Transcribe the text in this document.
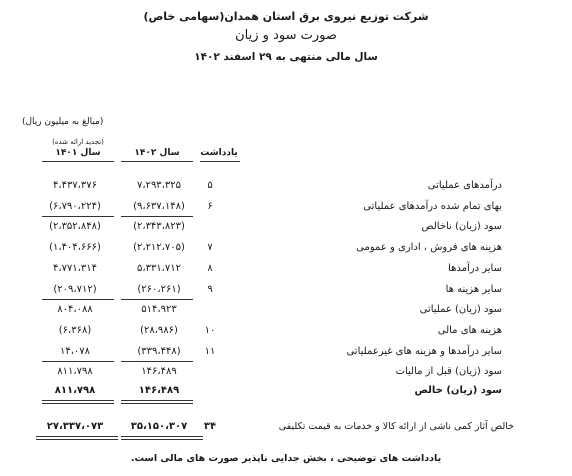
شرکت توزیع نیروی برق استان همدان(سهامی خاص)
صورت سود و زیان
سال مالی منتهی به ۲۹ اسفند ۱۴۰۲
(مبالغ به میلیون ریال)
(تجدید ارائه شده)
سال ۱۴۰۱	سال ۱۴۰۲	یادداشت
۴،۴۳۷،۳۷۶	۷،۲۹۳،۳۲۵	۵	درآمدهای عملیاتی
(۶،۷۹۰،۲۲۴)	(۹،۶۳۷،۱۴۸)	۶	بهای تمام شده درآمدهای عملیاتی
(۲،۳۵۲،۸۴۸)	(۲،۳۴۳،۸۲۳)	سود (زیان) ناخالص
(۱،۴۰۴،۶۶۶)	(۲،۲۱۲،۷۰۵)	۷	هزینه های فروش ، اداری و عمومی
۴،۷۷۱،۳۱۴	۵،۳۳۱،۷۱۲	۸	سایر درآمدها
(۲۰۹،۷۱۲)	(۲۶۰،۲۶۱)	۹	سایر هزینه ها
۸۰۴،۰۸۸	۵۱۴،۹۲۳	سود (زیان) عملیاتی
(۶،۳۶۸)	(۲۸،۹۸۶)	۱۰	هزینه های مالی
۱۴،۰۷۸	(۳۳۹،۴۴۸)	۱۱	سایر درآمدها و هزینه های غیرعملیاتی
۸۱۱،۷۹۸	۱۴۶،۴۸۹	سود (زیان) قبل از مالیات
۸۱۱،۷۹۸	۱۴۶،۴۸۹	سود (زیان) خالص
۲۷،۳۳۷،۰۷۳	۳۵،۱۵۰،۳۰۷	۳۴	خالص آثار کمی ناشی از ارائه کالا و خدمات به قیمت تکلیفی
یادداشت های توضیحی ، بخش جدایی ناپذیر صورت های مالی است.
